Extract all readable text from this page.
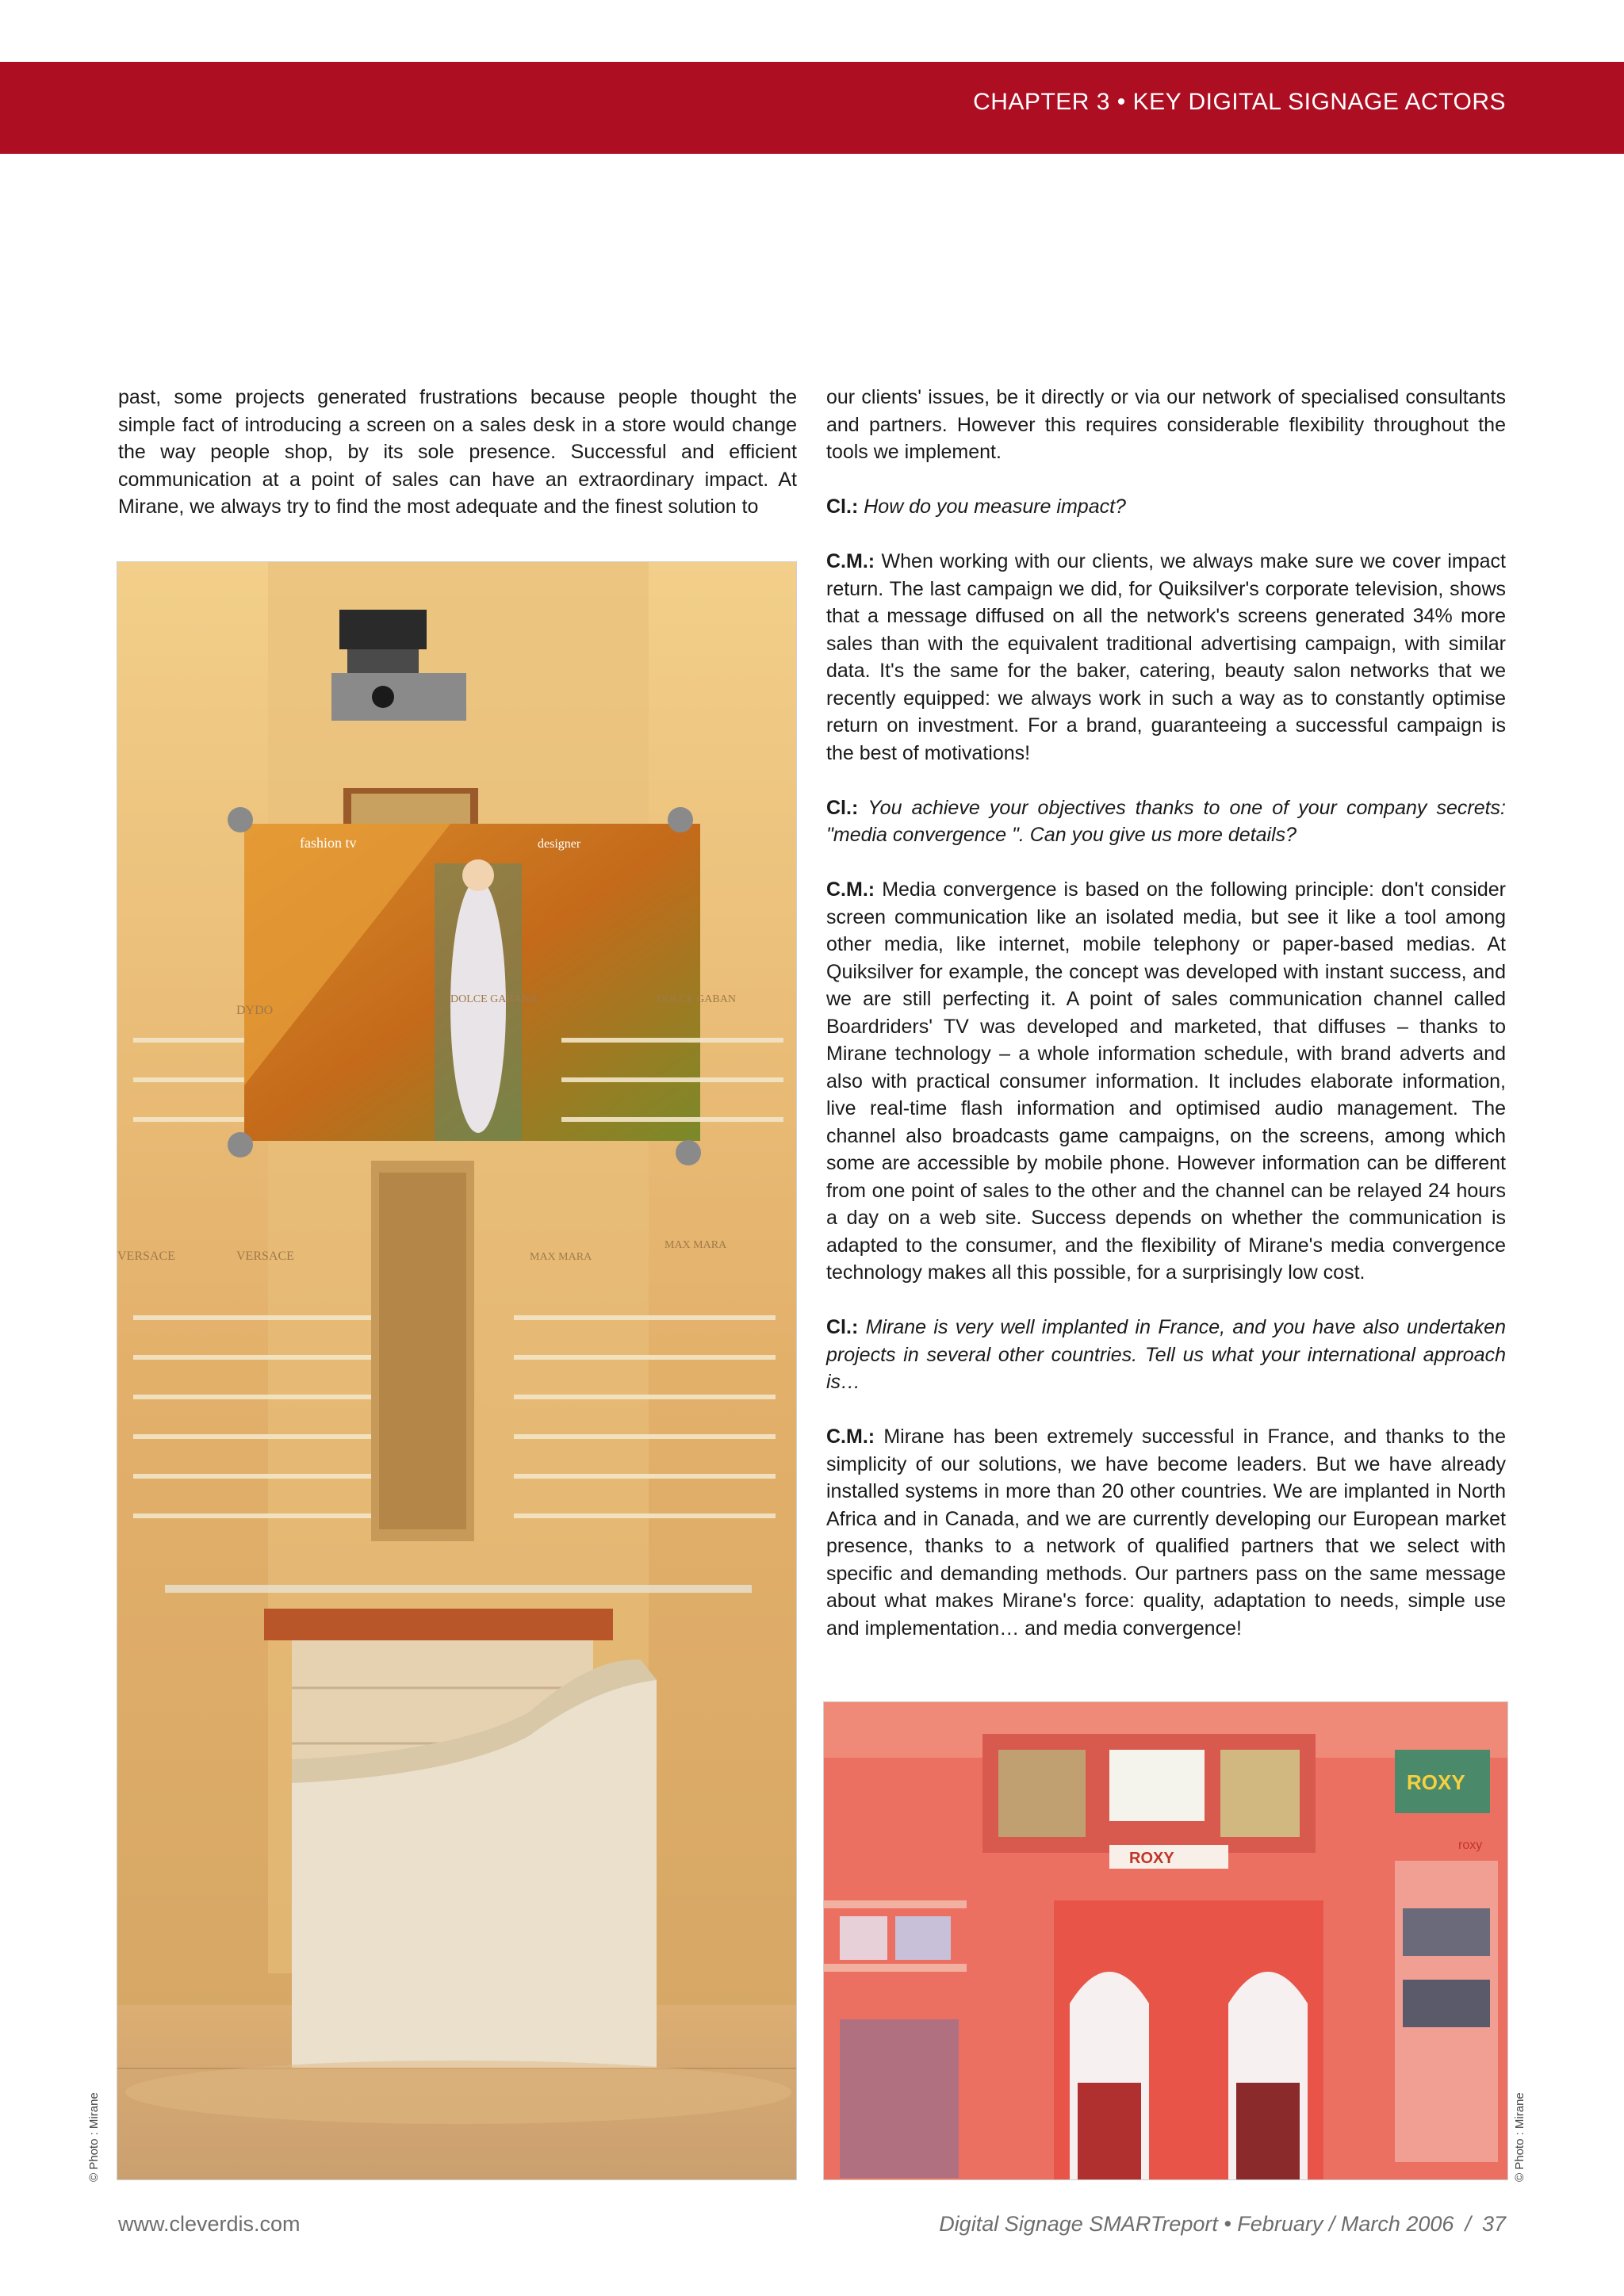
CHAPTER 3 • KEY DIGITAL SIGNAGE ACTORS

past, some projects generated frustrations because people thought the simple fact of introducing a screen on a sales desk in a store would change the way people shop, by its sole presence. Successful and efficient communication at a point of sales can have an extraordinary impact. At Mirane, we always try to find the most adequate and the finest solution to

our clients' issues, be it directly or via our network of specialised consultants and partners. However this requires considerable flexibility throughout the tools we implement.

Cl.: How do you measure impact?

C.M.: When working with our clients, we always make sure we cover impact return. The last campaign we did, for Quiksilver's corporate television, shows that a message diffused on all the network's screens generated 34% more sales than with the equivalent traditional advertising campaign, with similar data. It's the same for the baker, catering, beauty salon networks that we recently equipped: we always work in such a way as to constantly optimise return on investment. For a brand, guaranteeing a successful campaign is the best of motivations!

Cl.: You achieve your objectives thanks to one of your company secrets: "media convergence ". Can you give us more details?

C.M.: Media convergence is based on the following principle: don't consider screen communication like an isolated media, but see it like a tool among other media, like internet, mobile telephony or paper-based medias. At Quiksilver for example, the concept was developed with instant success, and we are still perfecting it. A point of sales communication channel called Boardriders' TV was developed and marketed, that diffuses – thanks to Mirane technology – a whole information schedule, with brand adverts and also with practical consumer information. It includes elaborate information, live real-time flash information and optimised audio management. The channel also broadcasts game campaigns, on the screens, among which some are accessible by mobile phone. However information can be different from one point of sales to the other and the channel can be relayed 24 hours a day on a web site. Success depends on whether the communication is adapted to the consumer, and the flexibility of Mirane's media convergence technology makes all this possible, for a surprisingly low cost.

Cl.: Mirane is very well implanted in France, and you have also undertaken projects in several other countries. Tell us what your international approach is…

C.M.: Mirane has been extremely successful in France, and thanks to the simplicity of our solutions, we have become leaders. But we have already installed systems in more than 20 other countries. We are implanted in North Africa and in Canada, and we are currently developing our European market presence, thanks to a network of qualified partners that we select with specific and demanding methods. Our partners pass on the same message about what makes Mirane's force: quality, adaptation to needs, simple use and implementation… and media convergence!

fashion tv	designer
DYDO
DOLCE GABANA	DOLCE GABAN
VERSACE	VERSACE	MAX MARA
MAX MARA
© Photo : Mirane
ROXY
ROXY
roxy
© Photo : Mirane
www.cleverdis.com	Digital Signage SMARTreport • February / March 2006 / 37
